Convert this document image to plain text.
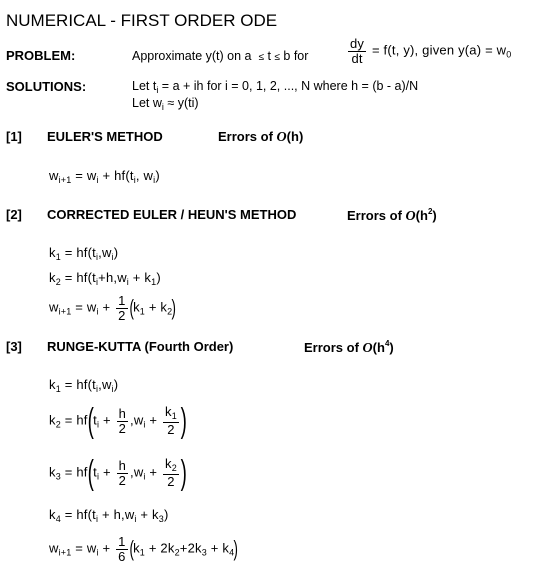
NUMERICAL - FIRST ORDER ODE
PROBLEM:	Approximate y(t) on a ≤ t ≤ b for	$\frac{dy}{dt} = f(t$, y), given $y(a) = w_0$
SOLUTIONS:	Let $t_i = a$ + ih for i = 0, 1, 2, ..., N where h = (b - a)/N
Let $w_i \approx y(ti)$
[1] EULER'S METHOD	Errors of O(h)
$w_{i+1} = w_i + hf(t_i$, $w_i$)
[2] CORRECTED EULER / HEUN'S METHOD	Errors of $O(h^2)$
$k_1 = hf(t_i,w_i)$
$k_2 = hf(t_i+h,w_i + k_1)$
$w_{i+1} = w_i + \frac{1}{2} (k_1 + k_2)$
[3] RUNGE-KUTTA (Fourth Order)	Errors of $O(h^4)$
$k_1 = hf(t_i,w_i)$
$k_2 = hf(t_i + \frac{h}{2} ,w_i + \frac{k_1}{2}$ )
$k_3 = hf(t_i + \frac{h}{2} ,w_i + \frac{k_2}{2}$ )
$k_4 = hf(t_i + h,w_i + k_3)$
$w_{i+1} = w_i + \frac{1}{6} (k_1 + 2k_2+2k_3 + k_4)$
